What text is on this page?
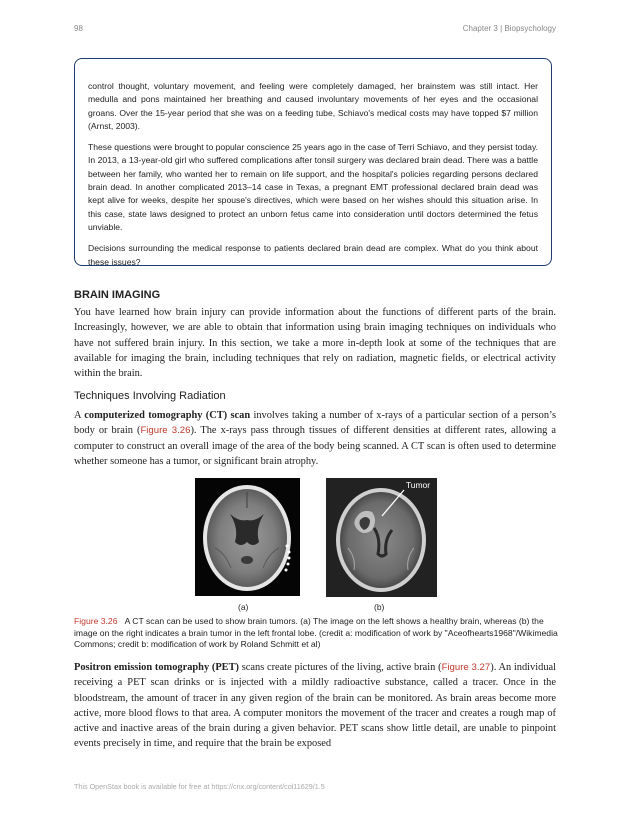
98	Chapter 3 | Biopsychology

control thought, voluntary movement, and feeling were completely damaged, her brainstem was still intact. Her medulla and pons maintained her breathing and caused involuntary movements of her eyes and the occasional groans. Over the 15-year period that she was on a feeding tube, Schiavo's medical costs may have topped $7 million (Arnst, 2003).

These questions were brought to popular conscience 25 years ago in the case of Terri Schiavo, and they persist today. In 2013, a 13-year-old girl who suffered complications after tonsil surgery was declared brain dead. There was a battle between her family, who wanted her to remain on life support, and the hospital's policies regarding persons declared brain dead. In another complicated 2013–14 case in Texas, a pregnant EMT professional declared brain dead was kept alive for weeks, despite her spouse's directives, which were based on her wishes should this situation arise. In this case, state laws designed to protect an unborn fetus came into consideration until doctors determined the fetus unviable.

Decisions surrounding the medical response to patients declared brain dead are complex. What do you think about these issues?

BRAIN IMAGING

You have learned how brain injury can provide information about the functions of different parts of the brain. Increasingly, however, we are able to obtain that information using brain imaging techniques on individuals who have not suffered brain injury. In this section, we take a more in-depth look at some of the techniques that are available for imaging the brain, including techniques that rely on radiation, magnetic fields, or electrical activity within the brain.

Techniques Involving Radiation

A computerized tomography (CT) scan involves taking a number of x-rays of a particular section of a person’s body or brain (Figure 3.26). The x-rays pass through tissues of different densities at different rates, allowing a computer to construct an overall image of the area of the body being scanned. A CT scan is often used to determine whether someone has a tumor, or significant brain atrophy.

Tumor
(a)	(b)

Figure 3.26 A CT scan can be used to show brain tumors. (a) The image on the left shows a healthy brain, whereas (b) the image on the right indicates a brain tumor in the left frontal lobe. (credit a: modification of work by "Aceofhearts1968"/Wikimedia Commons; credit b: modification of work by Roland Schmitt et al)

Positron emission tomography (PET) scans create pictures of the living, active brain (Figure 3.27). An individual receiving a PET scan drinks or is injected with a mildly radioactive substance, called a tracer. Once in the bloodstream, the amount of tracer in any given region of the brain can be monitored. As brain areas become more active, more blood flows to that area. A computer monitors the movement of the tracer and creates a rough map of active and inactive areas of the brain during a given behavior. PET scans show little detail, are unable to pinpoint events precisely in time, and require that the brain be exposed

This OpenStax book is available for free at https://cnx.org/content/col11629/1.5
